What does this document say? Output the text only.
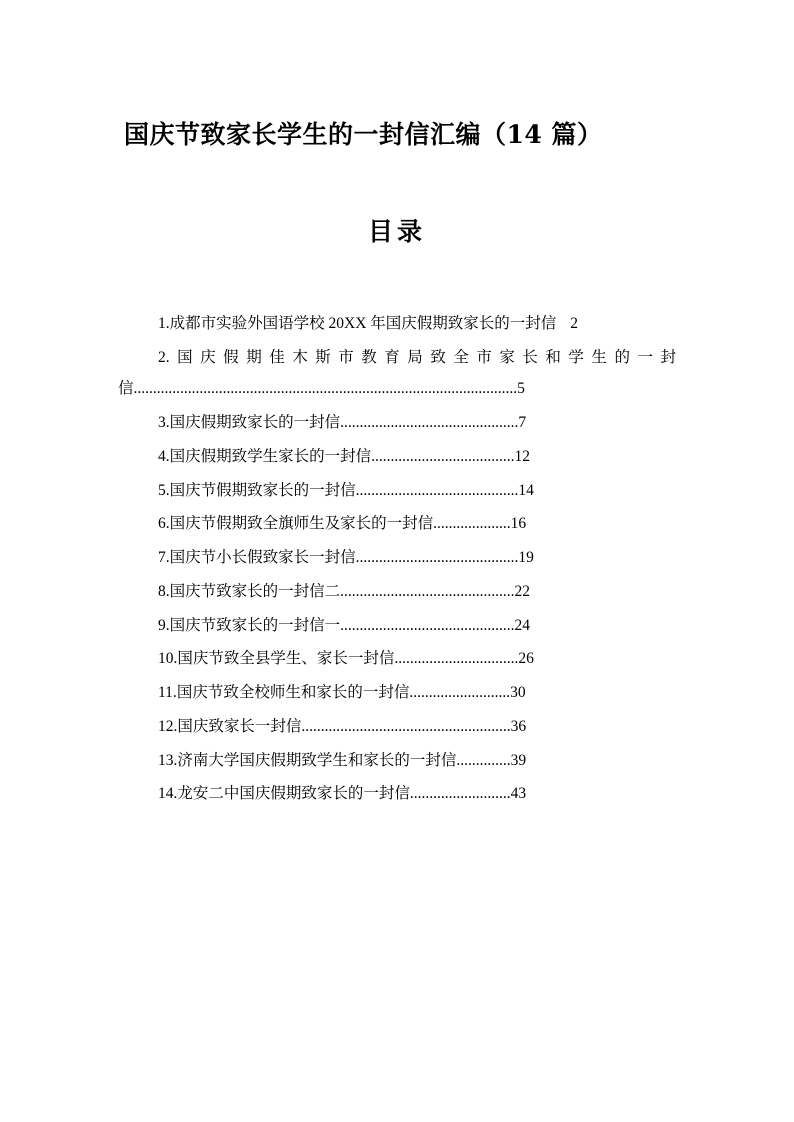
国庆节致家长学生的一封信汇编（14 篇）
目录
1.成都市实验外国语学校 20XX 年国庆假期致家长的一封信 2
2.国庆假期佳木斯市教育局致全市家长和学生的一封信...................................................................................................5
3.国庆假期致家长的一封信..............................................7
4.国庆假期致学生家长的一封信.....................................12
5.国庆节假期致家长的一封信..........................................14
6.国庆节假期致全旗师生及家长的一封信....................16
7.国庆节小长假致家长一封信..........................................19
8.国庆节致家长的一封信二.............................................22
9.国庆节致家长的一封信一.............................................24
10.国庆节致全县学生、家长一封信................................26
11.国庆节致全校师生和家长的一封信..........................30
12.国庆致家长一封信......................................................36
13.济南大学国庆假期致学生和家长的一封信..............39
14.龙安二中国庆假期致家长的一封信..........................43
